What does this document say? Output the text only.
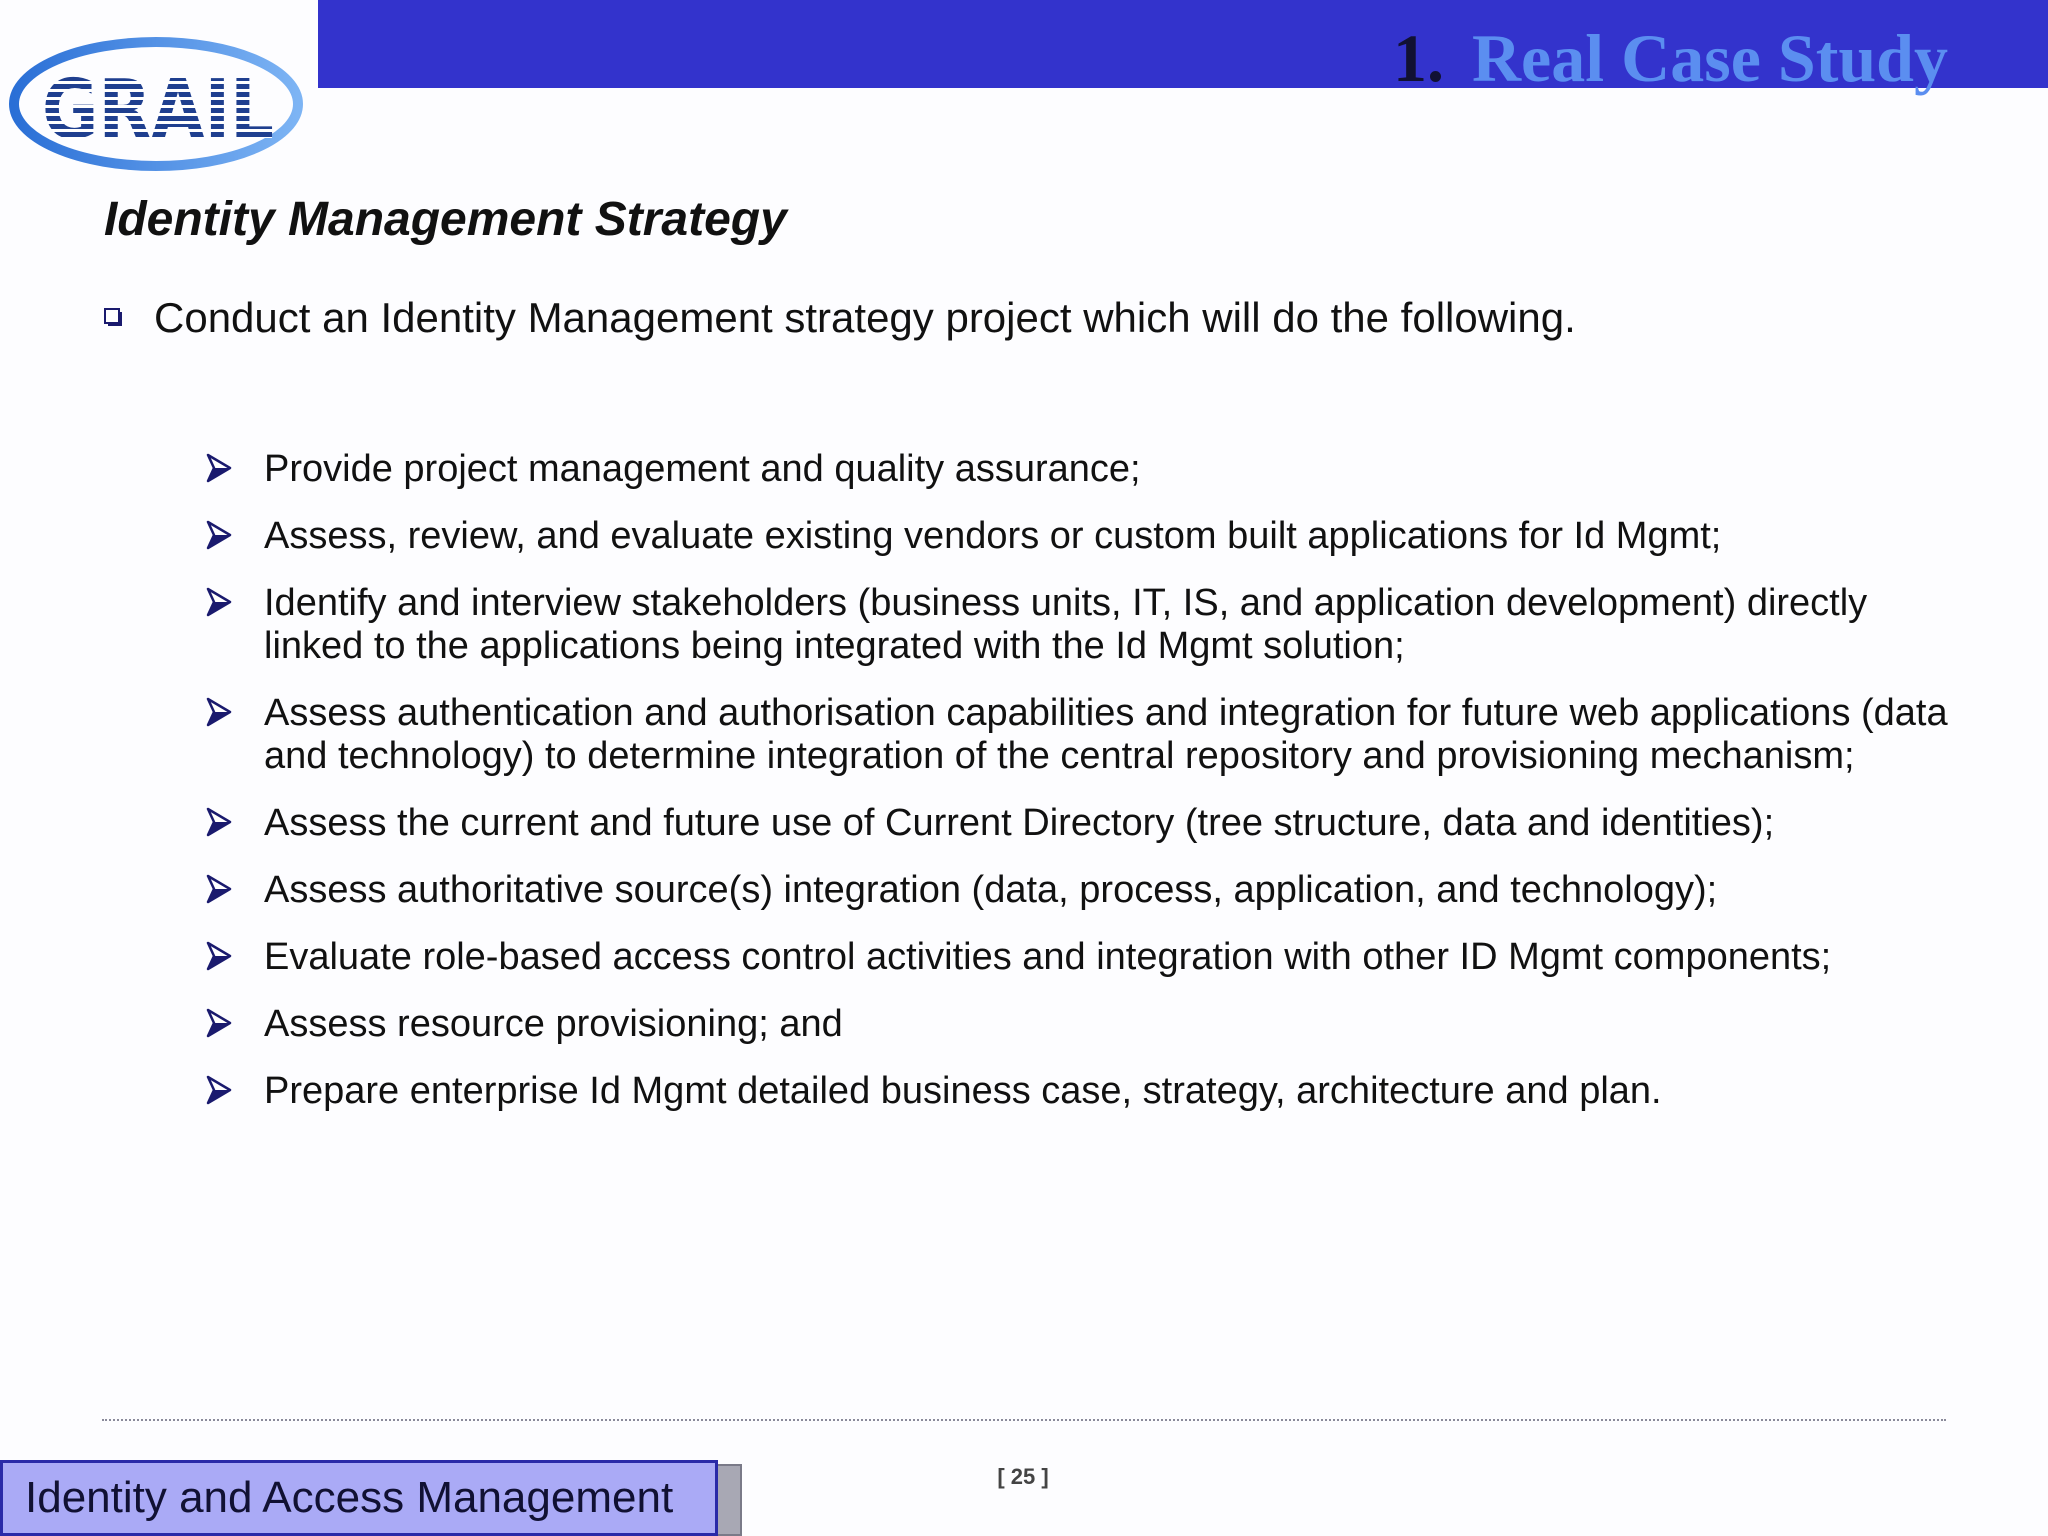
1. Real Case Study
GRAIL
Identity Management Strategy
Conduct an Identity Management strategy project which will do the following.
Provide project management and quality assurance;
Assess, review, and evaluate existing vendors or custom built applications for Id Mgmt;
Identify and interview stakeholders (business units, IT, IS, and application development) directly linked to the applications being integrated with the Id Mgmt solution;
Assess authentication and authorisation capabilities and integration for future web applications (data and technology) to determine integration of the central repository and provisioning mechanism;
Assess the current and future use of Current Directory (tree structure, data and identities);
Assess authoritative source(s) integration (data, process, application, and technology);
Evaluate role-based access control activities and integration with other ID Mgmt components;
Assess resource provisioning; and
Prepare enterprise Id Mgmt detailed business case, strategy, architecture and plan.
[ 25 ]
Identity and Access Management
